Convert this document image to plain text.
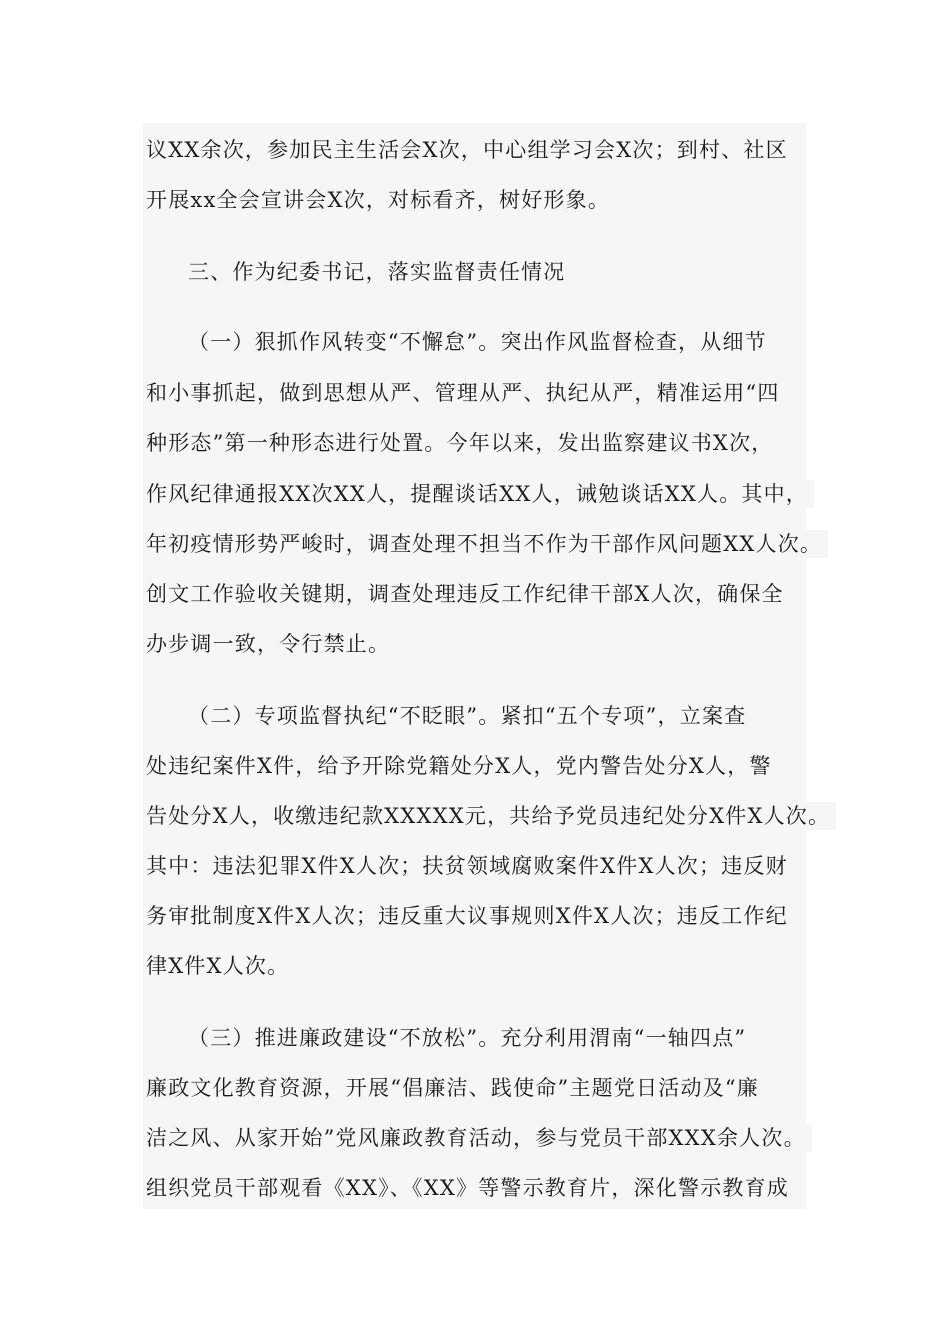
议XX余次，参加民主生活会X次，中心组学习会X次；到村、社区
开展xx全会宣讲会X次，对标看齐，树好形象。
三、作为纪委书记，落实监督责任情况
（一）狠抓作风转变“不懈怠”。突出作风监督检查，从细节
和小事抓起，做到思想从严、管理从严、执纪从严，精准运用“四
种形态”第一种形态进行处置。今年以来，发出监察建议书X次，
作风纪律通报XX次XX人，提醒谈话XX人，诫勉谈话XX人。其中，
年初疫情形势严峻时，调查处理不担当不作为干部作风问题XX人次。
创文工作验收关键期，调查处理违反工作纪律干部X人次，确保全
办步调一致，令行禁止。
（二）专项监督执纪“不眨眼”。紧扣“五个专项”，立案查
处违纪案件X件，给予开除党籍处分X人，党内警告处分X人，警
告处分X人，收缴违纪款XXXXX元，共给予党员违纪处分X件X人次。
其中：违法犯罪X件X人次；扶贫领域腐败案件X件X人次；违反财
务审批制度X件X人次；违反重大议事规则X件X人次；违反工作纪
律X件X人次。
（三）推进廉政建设“不放松”。充分利用渭南“一轴四点”
廉政文化教育资源，开展“倡廉洁、践使命”主题党日活动及“廉
洁之风、从家开始”党风廉政教育活动，参与党员干部XXX余人次。
组织党员干部观看《XX》、《XX》等警示教育片，深化警示教育成
